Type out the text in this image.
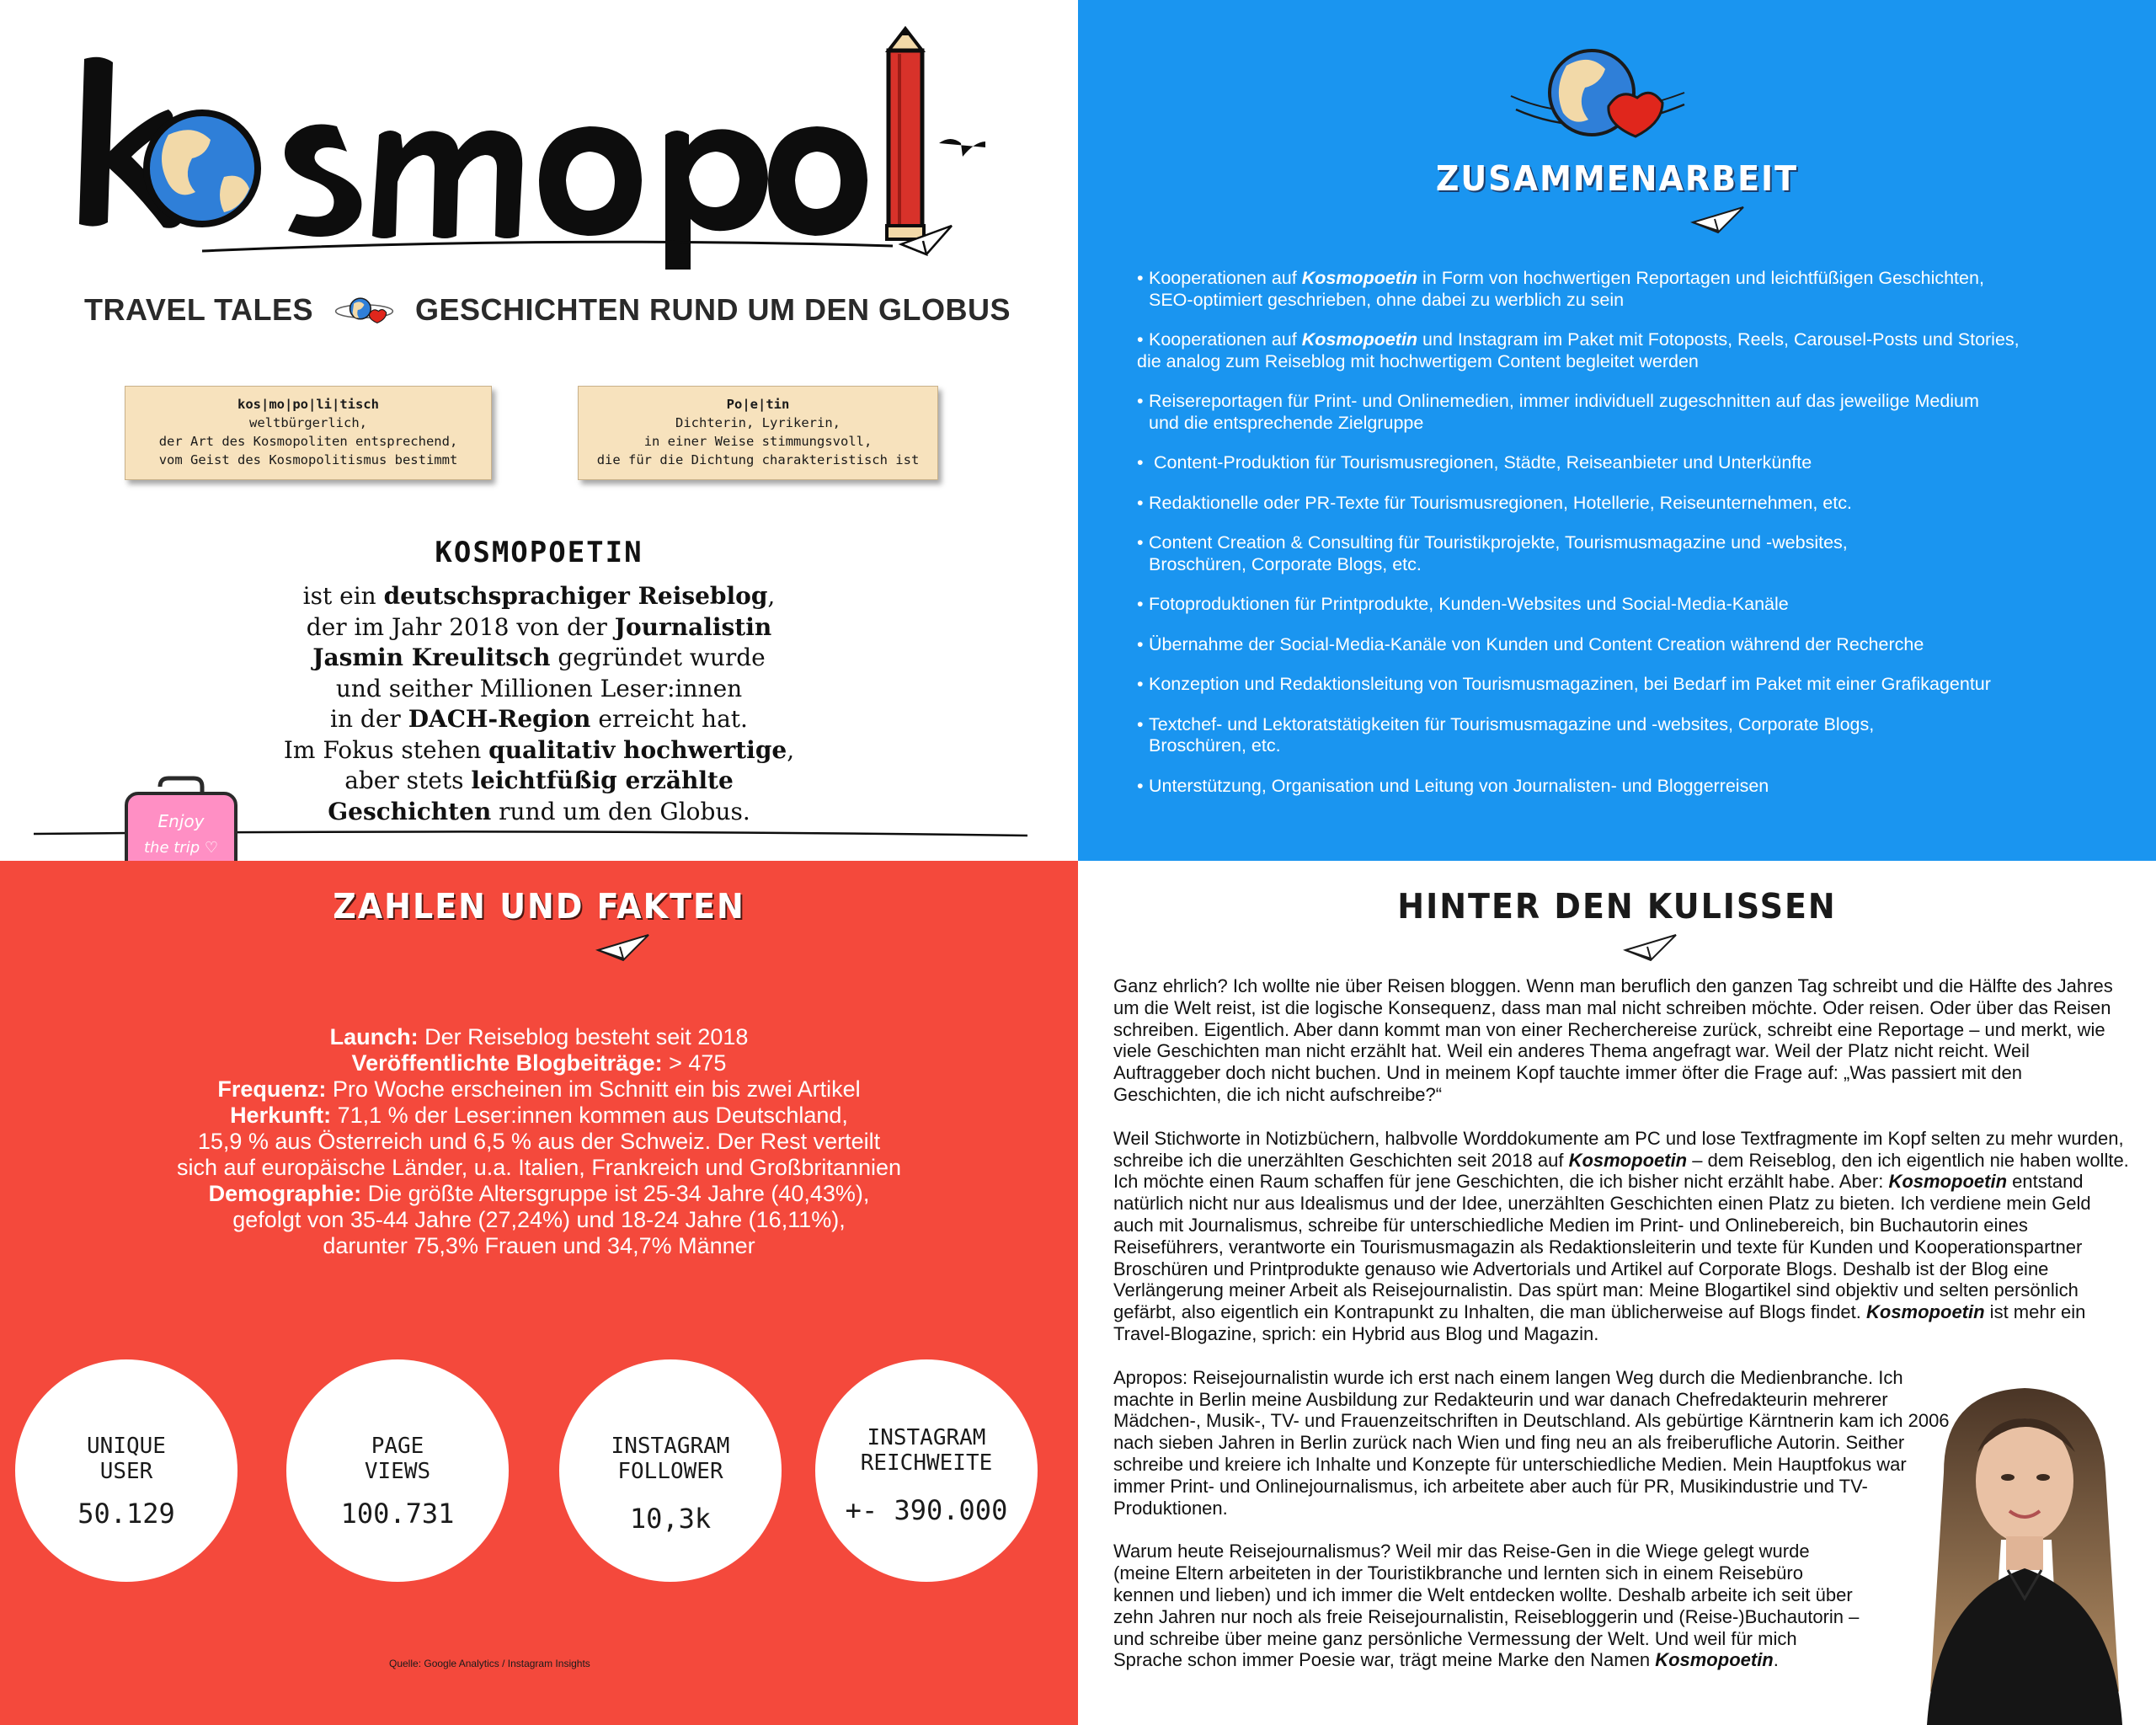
TRAVEL TALES	GESCHICHTEN RUND UM DEN GLOBUS
kos|mo|po|li|tisch
weltbürgerlich,
der Art des Kosmopoliten entsprechend,
vom Geist des Kosmopolitismus bestimmt
Po|e|tin
Dichterin, Lyrikerin,
in einer Weise stimmungsvoll,
die für die Dichtung charakteristisch ist
KOSMOPOETIN
ist ein deutschsprachiger Reiseblog,
der im Jahr 2018 von der Journalistin
Jasmin Kreulitsch gegründet wurde
und seither Millionen Leser:innen
in der DACH-Region erreicht hat.
Im Fokus stehen qualitativ hochwertige,
aber stets leichtfüßig erzählte
Geschichten rund um den Globus.
Enjoy
the trip ♡
ZUSAMMENARBEIT
• Kooperationen auf Kosmopoetin in Form von hochwertigen Reportagen und leichtfüßigen Geschichten,
SEO-optimiert geschrieben, ohne dabei zu werblich zu sein
• Kooperationen auf Kosmopoetin und Instagram im Paket mit Fotoposts, Reels, Carousel-Posts und Stories,
die analog zum Reiseblog mit hochwertigem Content begleitet werden
• Reisereportagen für Print- und Onlinemedien, immer individuell zugeschnitten auf das jeweilige Medium
und die entsprechende Zielgruppe
• Content-Produktion für Tourismusregionen, Städte, Reiseanbieter und Unterkünfte
• Redaktionelle oder PR-Texte für Tourismusregionen, Hotellerie, Reiseunternehmen, etc.
• Content Creation & Consulting für Touristikprojekte, Tourismusmagazine und -websites,
Broschüren, Corporate Blogs, etc.
• Fotoproduktionen für Printprodukte, Kunden-Websites und Social-Media-Kanäle
• Übernahme der Social-Media-Kanäle von Kunden und Content Creation während der Recherche
• Konzeption und Redaktionsleitung von Tourismusmagazinen, bei Bedarf im Paket mit einer Grafikagentur
• Textchef- und Lektoratstätigkeiten für Tourismusmagazine und -websites, Corporate Blogs,
Broschüren, etc.
• Unterstützung, Organisation und Leitung von Journalisten- und Bloggerreisen
ZAHLEN UND FAKTEN
Launch: Der Reiseblog besteht seit 2018
Veröffentlichte Blogbeiträge: > 475
Frequenz: Pro Woche erscheinen im Schnitt ein bis zwei Artikel
Herkunft: 71,1 % der Leser:innen kommen aus Deutschland,
15,9 % aus Österreich und 6,5 % aus der Schweiz. Der Rest verteilt
sich auf europäische Länder, u.a. Italien, Frankreich und Großbritannien
Demographie: Die größte Altersgruppe ist 25-34 Jahre (40,43%),
gefolgt von 35-44 Jahre (27,24%) und 18-24 Jahre (16,11%),
darunter 75,3% Frauen und 34,7% Männer
UNIQUE
USER
50.129
PAGE
VIEWS
100.731
INSTAGRAM
FOLLOWER
10,3k
INSTAGRAM
REICHWEITE
+- 390.000
Quelle: Google Analytics / Instagram Insights
HINTER DEN KULISSEN

Ganz ehrlich? Ich wollte nie über Reisen bloggen. Wenn man beruflich den ganzen Tag schreibt und die Hälfte des Jahres um die Welt reist, ist die logische Konsequenz, dass man mal nicht schreiben möchte. Oder reisen. Oder über das Reisen schreiben. Eigentlich. Aber dann kommt man von einer Recherchereise zurück, schreibt eine Reportage – und merkt, wie viele Geschichten man nicht erzählt hat. Weil ein anderes Thema angefragt war. Weil der Platz nicht reicht. Weil Auftraggeber doch nicht buchen. Und in meinem Kopf tauchte immer öfter die Frage auf: „Was passiert mit den Geschichten, die ich nicht aufschreibe?“

Weil Stichworte in Notizbüchern, halbvolle Worddokumente am PC und lose Textfragmente im Kopf selten zu mehr wurden, schreibe ich die unerzählten Geschichten seit 2018 auf Kosmopoetin – dem Reiseblog, den ich eigentlich nie haben wollte. Ich möchte einen Raum schaffen für jene Geschichten, die ich bisher nicht erzählt habe. Aber: Kosmopoetin entstand natürlich nicht nur aus Idealismus und der Idee, unerzählten Geschichten einen Platz zu bieten. Ich verdiene mein Geld auch mit Journalismus, schreibe für unterschiedliche Medien im Print- und Onlinebereich, bin Buchautorin eines Reiseführers, verantworte ein Tourismusmagazin als Redaktionsleiterin und texte für Kunden und Kooperationspartner Broschüren und Printprodukte genauso wie Advertorials und Artikel auf Corporate Blogs. Deshalb ist der Blog eine Verlängerung meiner Arbeit als Reisejournalistin. Das spürt man: Meine Blogartikel sind objektiv und selten persönlich gefärbt, also eigentlich ein Kontrapunkt zu Inhalten, die man üblicherweise auf Blogs findet. Kosmopoetin ist mehr ein Travel-Blogazine, sprich: ein Hybrid aus Blog und Magazin.

Apropos: Reisejournalistin wurde ich erst nach einem langen Weg durch die Medienbranche. Ich machte in Berlin meine Ausbildung zur Redakteurin und war danach Chefredakteurin mehrerer Mädchen-, Musik-, TV- und Frauenzeitschriften in Deutschland. Als gebürtige Kärntnerin kam ich 2006 nach sieben Jahren in Berlin zurück nach Wien und fing neu an als freiberufliche Autorin. Seither schreibe und kreiere ich Inhalte und Konzepte für unterschiedliche Medien. Mein Hauptfokus war immer Print- und Onlinejournalismus, ich arbeitete aber auch für PR, Musikindustrie und TV-Produktionen.

Warum heute Reisejournalismus? Weil mir das Reise-Gen in die Wiege gelegt wurde (meine Eltern arbeiteten in der Touristikbranche und lernten sich in einem Reisebüro kennen und lieben) und ich immer die Welt entdecken wollte. Deshalb arbeite ich seit über zehn Jahren nur noch als freie Reisejournalistin, Reisebloggerin und (Reise-)Buchautorin – und schreibe über meine ganz persönliche Vermessung der Welt. Und weil für mich Sprache schon immer Poesie war, trägt meine Marke den Namen Kosmopoetin.
